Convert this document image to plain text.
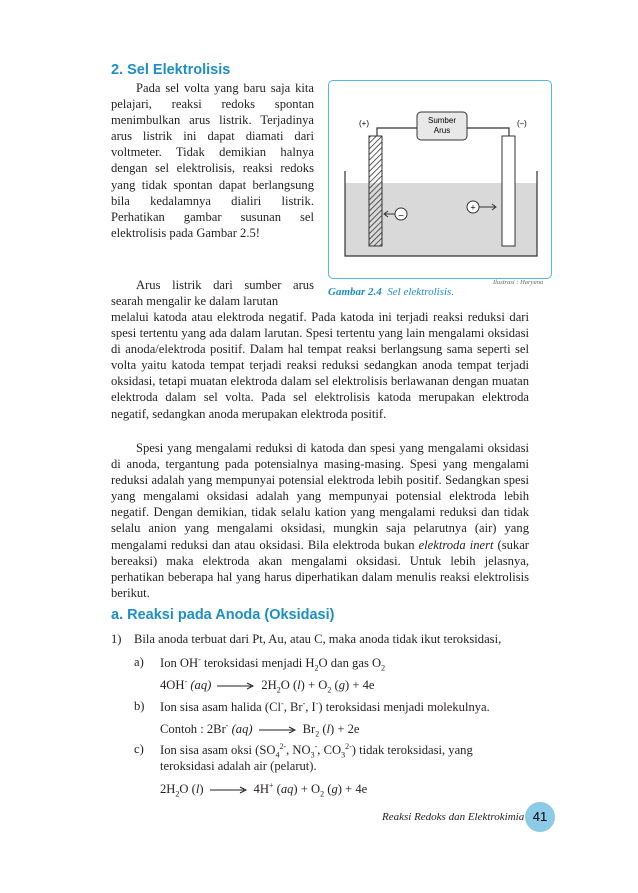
2. Sel Elektrolisis

Pada sel volta yang baru saja kita pelajari, reaksi redoks spontan menimbulkan arus listrik. Terjadinya arus listrik ini dapat diamati dari voltmeter. Tidak demikian halnya dengan sel elektrolisis, reaksi redoks yang tidak spontan dapat berlangsung bila kedalamnya dialiri listrik. Perhatikan gambar susunan sel elektrolisis pada Gambar 2.5!

Arus listrik dari sumber arus searah mengalir ke dalam larutan

melalui katoda atau elektroda negatif. Pada katoda ini terjadi reaksi reduksi dari spesi tertentu yang ada dalam larutan. Spesi tertentu yang lain mengalami oksidasi di anoda/elektroda positif. Dalam hal tempat reaksi berlangsung sama seperti sel volta yaitu katoda tempat terjadi reaksi reduksi sedangkan anoda tempat terjadi oksidasi, tetapi muatan elektroda dalam sel elektrolisis berlawanan dengan muatan elektroda dalam sel volta. Pada sel elektrolisis katoda merupakan elektroda negatif, sedangkan anoda merupakan elektroda positif.

Spesi yang mengalami reduksi di katoda dan spesi yang mengalami oksidasi di anoda, tergantung pada potensialnya masing-masing. Spesi yang mengalami reduksi adalah yang mempunyai potensial elektroda lebih positif. Sedangkan spesi yang mengalami oksidasi adalah yang mempunyai potensial elektroda lebih negatif. Dengan demikian, tidak selalu kation yang mengalami reduksi dan tidak selalu anion yang mengalami oksidasi, mungkin saja pelarutnya (air) yang mengalami reduksi dan atau oksidasi. Bila elektroda bukan elektroda inert (sukar bereaksi) maka elektroda akan mengalami oksidasi. Untuk lebih jelasnya, perhatikan beberapa hal yang harus diperhatikan dalam menulis reaksi elektrolisis berikut.

Sumber
Arus
(+)	(–)
–
+
Ilustrasi : Haryana
Gambar 2.4 Sel elektrolisis.
a. Reaksi pada Anoda (Oksidasi)
1) Bila anoda terbuat dari Pt, Au, atau C, maka anoda tidak ikut teroksidasi,
a) Ion OH- teroksidasi menjadi $H_2O$ dan gas $O_2$
4OH- $(aq) \to 2H_2O$ $(l) + O_2$ (g) + 4e
b) Ion sisa asam halida (Cl-, Br-, I-) teroksidasi menjadi molekulnya.
Contoh : 2Br- $(aq) \to Br_2$ (l) + 2e
c) Ion sisa asam oksi ($SO_4^{2-}$, $NO_3^-$, $CO_3^{2-}$) tidak teroksidasi, yang
teroksidasi adalah air (pelarut).
$2H_2O$ (l) → 4H+ $(aq) + O_2$ (g) + 4e
Reaksi Redoks dan Elektrokimia 41
